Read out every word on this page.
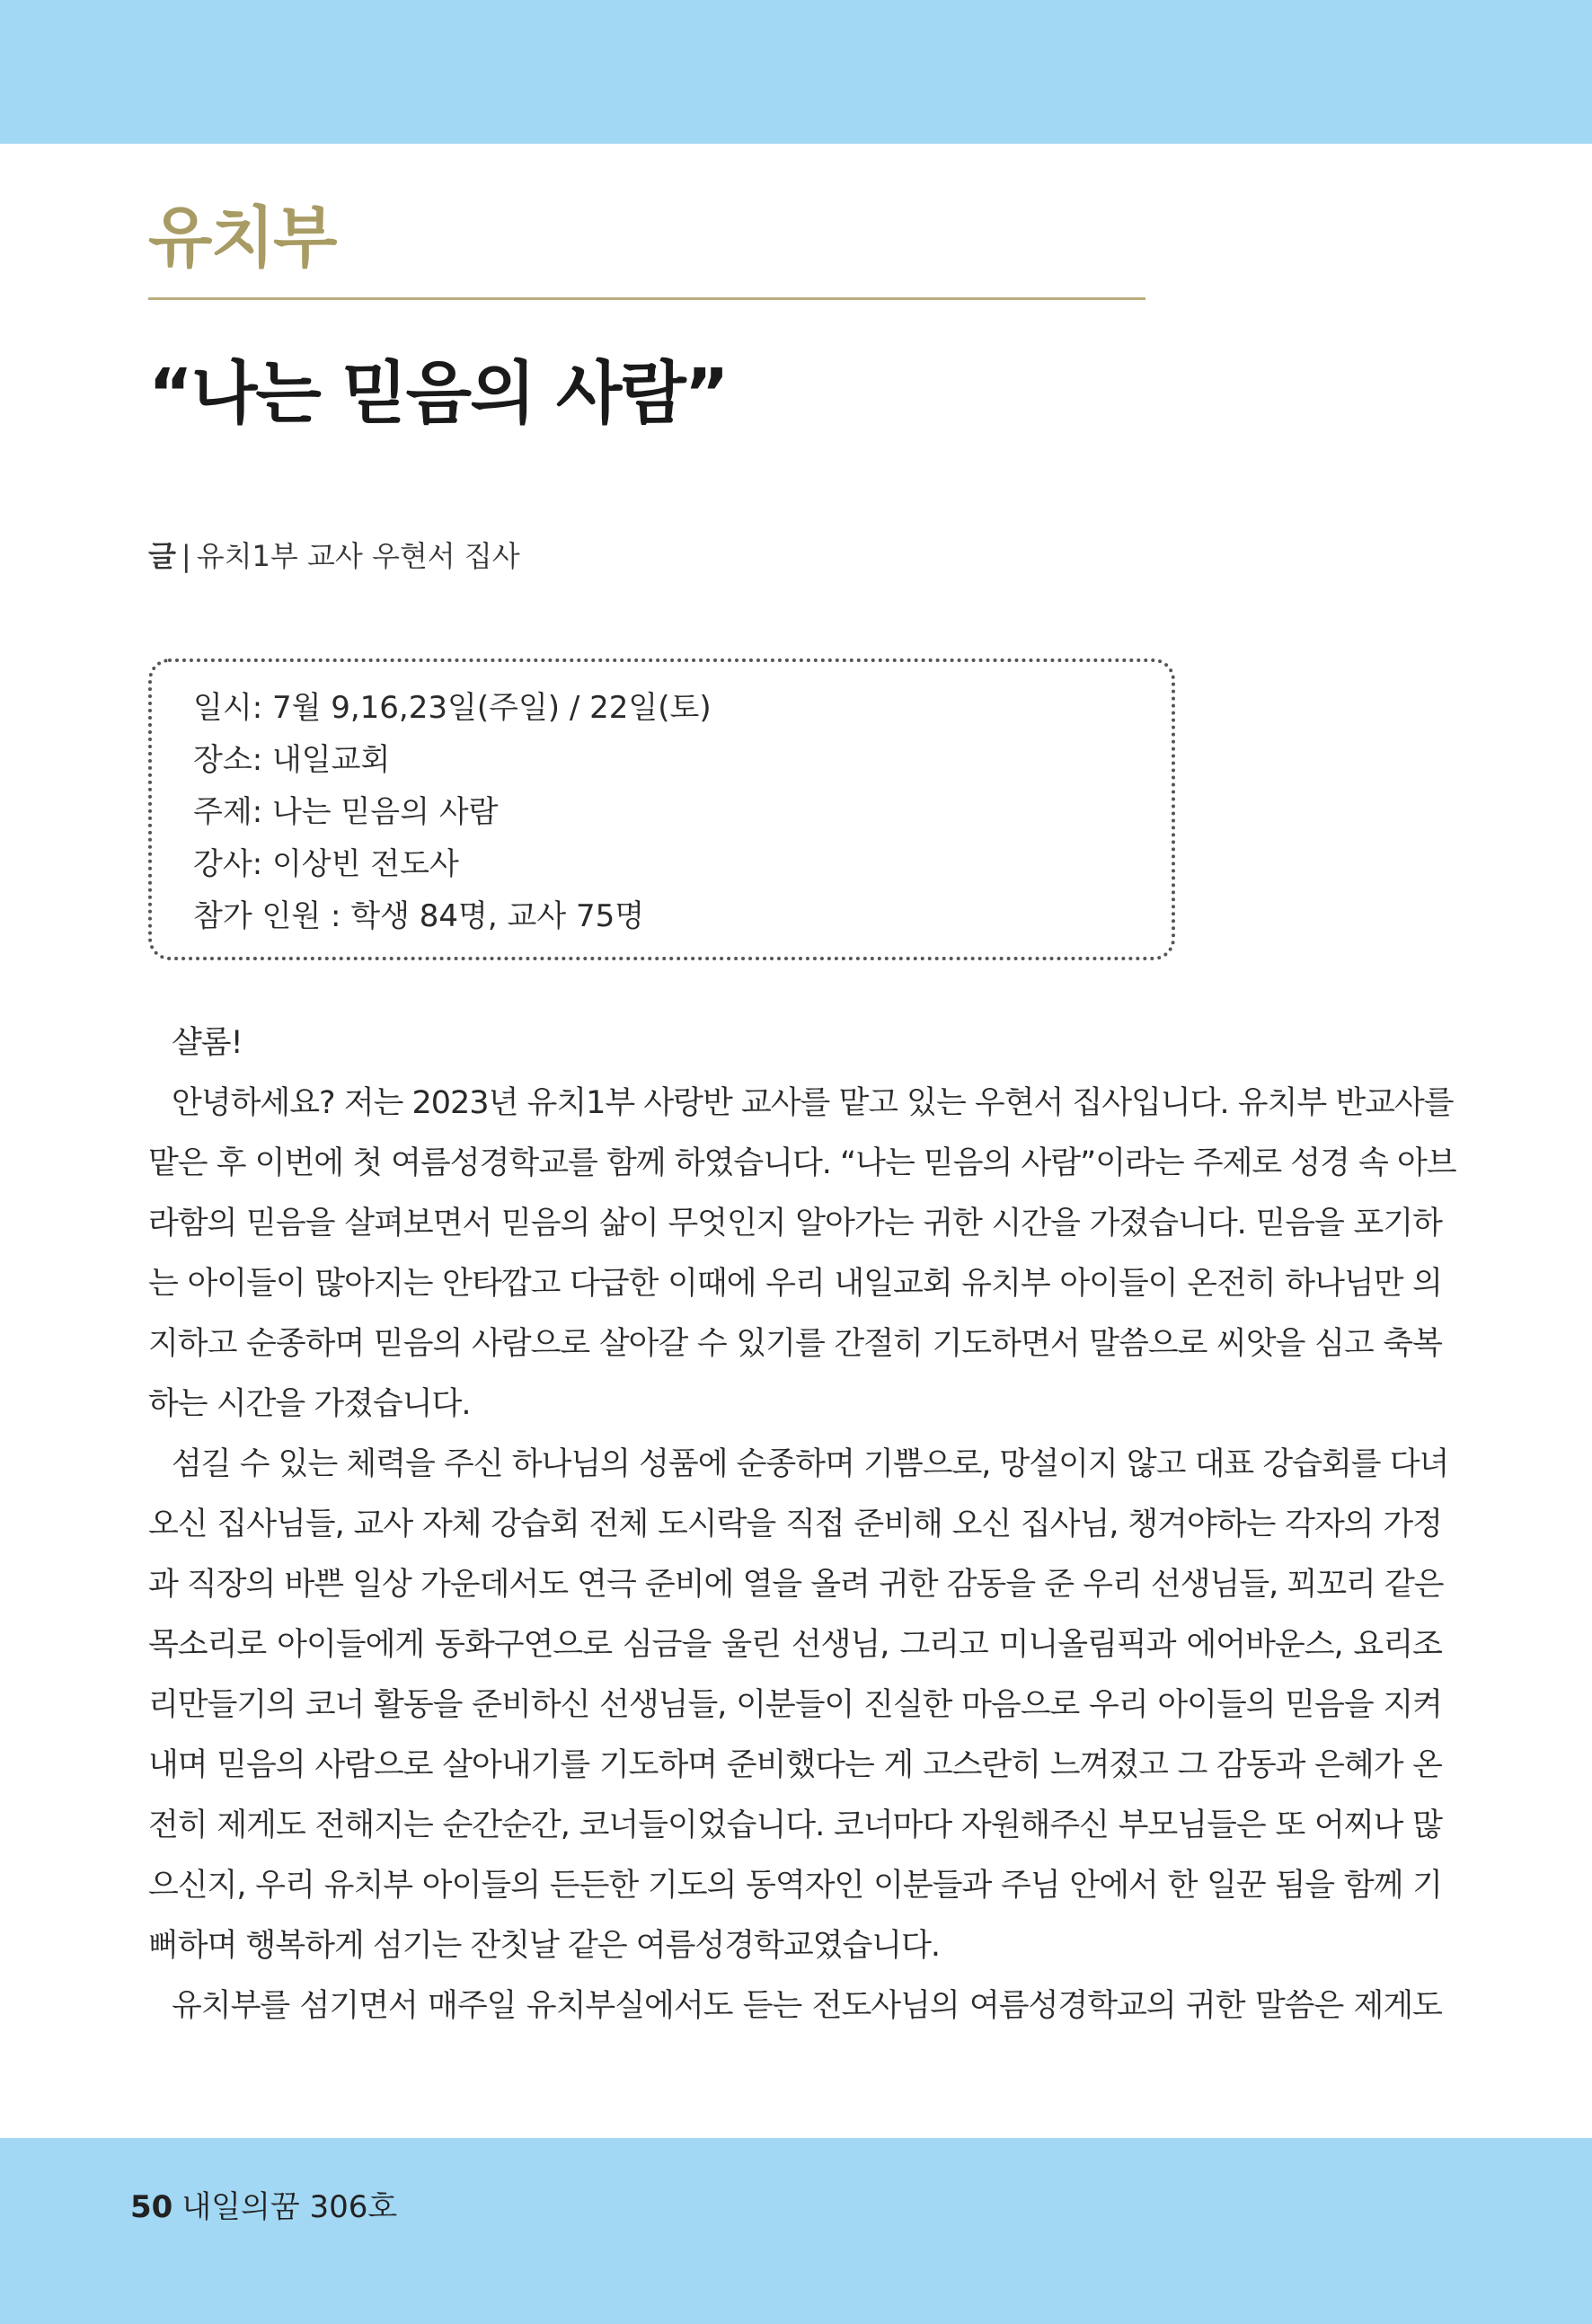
유치부
“나는 믿음의 사람”
글 | 유치1부 교사 우현서 집사
일시: 7월 9,16,23일(주일) / 22일(토)
장소: 내일교회
주제: 나는 믿음의 사람
강사: 이상빈 전도사
참가 인원 : 학생 84명, 교사 75명
샬롬!
안녕하세요? 저는 2023년 유치1부 사랑반 교사를 맡고 있는 우현서 집사입니다. 유치부 반교사를
맡은 후 이번에 첫 여름성경학교를 함께 하였습니다. “나는 믿음의 사람”이라는 주제로 성경 속 아브
라함의 믿음을 살펴보면서 믿음의 삶이 무엇인지 알아가는 귀한 시간을 가졌습니다. 믿음을 포기하
는 아이들이 많아지는 안타깝고 다급한 이때에 우리 내일교회 유치부 아이들이 온전히 하나님만 의
지하고 순종하며 믿음의 사람으로 살아갈 수 있기를 간절히 기도하면서 말씀으로 씨앗을 심고 축복
하는 시간을 가졌습니다.
섬길 수 있는 체력을 주신 하나님의 성품에 순종하며 기쁨으로, 망설이지 않고 대표 강습회를 다녀
오신 집사님들, 교사 자체 강습회 전체 도시락을 직접 준비해 오신 집사님, 챙겨야하는 각자의 가정
과 직장의 바쁜 일상 가운데서도 연극 준비에 열을 올려 귀한 감동을 준 우리 선생님들, 꾀꼬리 같은
목소리로 아이들에게 동화구연으로 심금을 울린 선생님, 그리고 미니올림픽과 에어바운스, 요리조
리만들기의 코너 활동을 준비하신 선생님들, 이분들이 진실한 마음으로 우리 아이들의 믿음을 지켜
내며 믿음의 사람으로 살아내기를 기도하며 준비했다는 게 고스란히 느껴졌고 그 감동과 은혜가 온
전히 제게도 전해지는 순간순간, 코너들이었습니다. 코너마다 자원해주신 부모님들은 또 어찌나 많
으신지, 우리 유치부 아이들의 든든한 기도의 동역자인 이분들과 주님 안에서 한 일꾼 됨을 함께 기
뻐하며 행복하게 섬기는 잔칫날 같은 여름성경학교였습니다.
유치부를 섬기면서 매주일 유치부실에서도 듣는 전도사님의 여름성경학교의 귀한 말씀은 제게도
50 내일의꿈 306호
